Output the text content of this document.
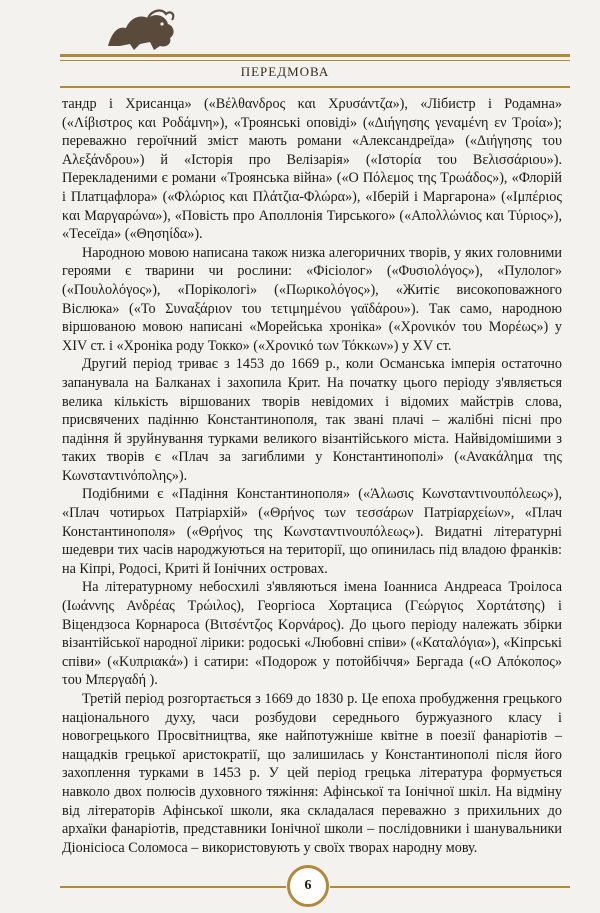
ПЕРЕДМОВА

тандр і Хрисанца» («Βέλθανδρος και Χρυσάντζα»), «Лібистр і Родамна» («Λίβιστρος και Ροδάμνη»), «Троянські оповіді» («Διήγησης γεναμένη εν Τροία»); переважно героїчний зміст мають романи «Александреїда» («Διήγησης του Αλεξάνδρου») й «Історія про Велізарія» («Ιστορία του Βελισσάριου»). Перекладеними є романи «Троянська війна» («Ο Πόλεμος της Τρωάδος»), «Флорій і Платцафлора» («Φλώριος και Πλάτζια-Φλώρα»), «Іберій і Маргарона» («Ιμπέριος και Μαργαρώνα»), «Повість про Аполлонія Тирського» («Απολλώνιος και Τύριος»), «Тесеїда» («Θησηίδα»).

Народною мовою написана також низка алегоричних творів, у яких головними героями є тварини чи рослини: «Фісіолог» («Φυσιολόγος»), «Пулолог» («Πουλολόγος»), «Порікологі» («Πωρικολόγος»), «Житіє високоповажного Віслюка» («Το Συναξάριον του τετιμημένου γαϊδάρου»). Так само, народною віршованою мовою написані «Морейська хроніка» («Χρονικόν του Μορέως») у XIV ст. і «Хроніка роду Токко» («Χρονικό των Τόκκων») у XV ст.

Другий період триває з 1453 до 1669 р., коли Османська імперія остаточно запанувала на Балканах і захопила Крит. На початку цього періоду з'являється велика кількість віршованих творів невідомих і відомих майстрів слова, присвячених падінню Константинополя, так звані плачі – жалібні пісні про падіння й зруйнування турками великого візантійського міста. Найвідомішими з таких творів є «Плач за загиблими у Константинополі» («Ανακάλημα της Κωνσταντινόπολης»).

Подібними є «Падіння Константинополя» («Άλωσις Κωνσταντινουπόλεως»), «Плач чотирьох Патріархій» («Θρήνος των τεσσάρων Патріαρχείων», «Плач Константинополя» («Θρήνος της Κωνσταντινουπόλεως»). Видатні літературні шедеври тих часів народжуються на території, що опинилась під владою франків: на Кіпрі, Родосі, Криті й Іонічних островах.

На літературному небосхилі з'являються імена Іоанниса Андреаса Троілоса (Ιωάννης Ανδρέας Τρώιλος), Георгіоса Хортациса (Γεώργιος Χορτάτσης) і Віцендзоса Корнароса (Βιτσέντζος Κορνάρος). До цього періоду належать збірки візантійської народної лірики: родоські «Любовні співи» («Καταλόγια»), «Кіпрські співи» («Κυπριακά») і сатири: «Подорож у потойбіччя» Бергада («Ο Απόκοπος» του Μπεργαδή ).

Третій період розгортається з 1669 до 1830 р. Це епоха пробудження грецького національного духу, часи розбудови середнього буржуазного класу і новогрецького Просвітництва, яке найпотужніше квітне в поезії фанаріотів – нащадків грецької аристократії, що залишилась у Константинополі після його захоплення турками в 1453 р. У цей період грецька література формується навколо двох полюсів духовного тяжіння: Афінської та Іонічної шкіл. На відміну від літераторів Афінської школи, яка складалася переважно з прихильних до архаїки фанаріотів, представники Іонічної школи – послідовники і шанувальники Діонісіоса Соломоса – використовують у своїх творах народну мову.

6
